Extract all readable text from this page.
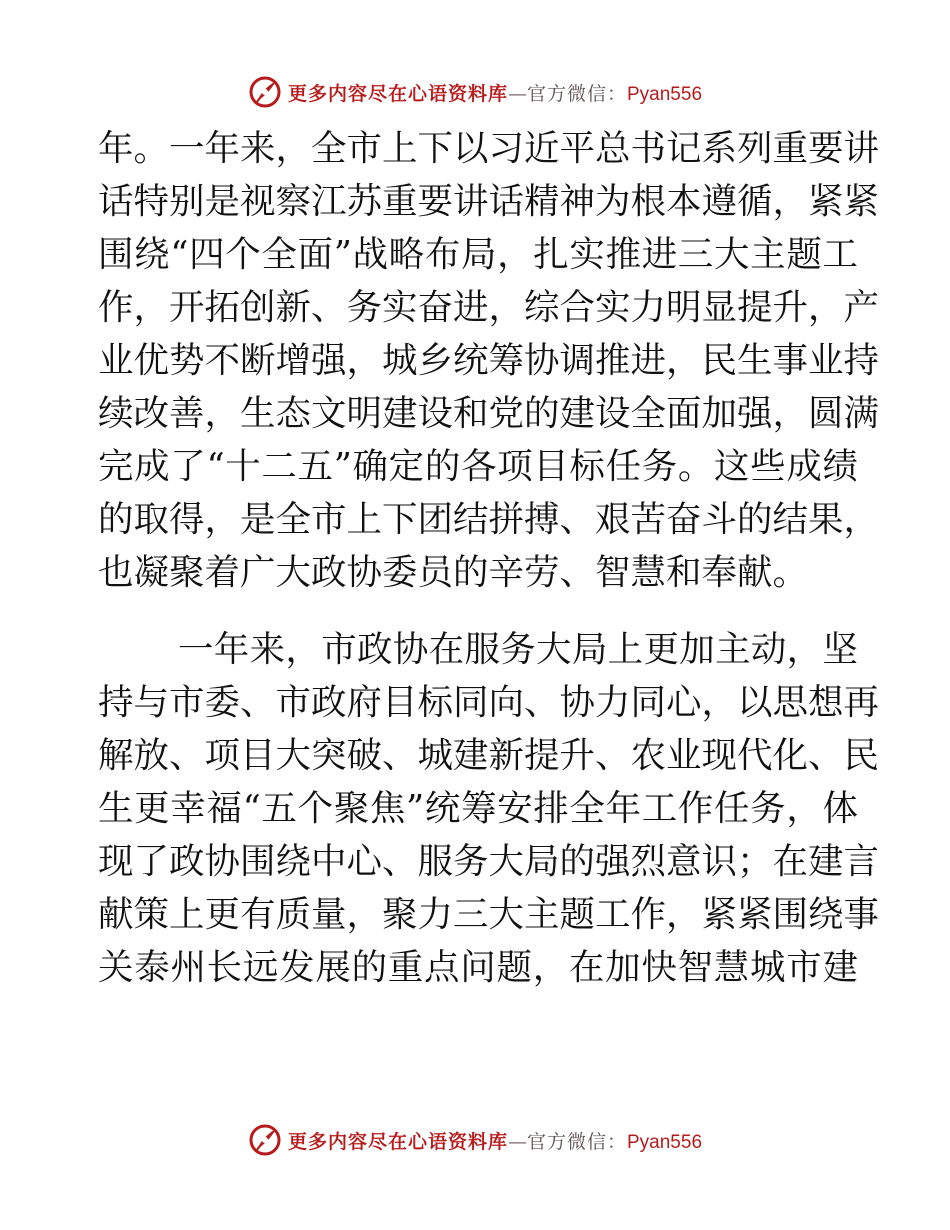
更多内容尽在心语资料库 — 官方微信： Pyan556
年。一年来，全市上下以习近平总书记系列重要讲
话特别是视察江苏重要讲话精神为根本遵循，紧紧
围绕“四个全面”战略布局，扎实推进三大主题工
作，开拓创新、务实奋进，综合实力明显提升，产
业优势不断增强，城乡统筹协调推进，民生事业持
续改善，生态文明建设和党的建设全面加强，圆满
完成了“十二五”确定的各项目标任务。这些成绩
的取得，是全市上下团结拼搏、艰苦奋斗的结果，
也凝聚着广大政协委员的辛劳、智慧和奉献。
一年来，市政协在服务大局上更加主动，坚
持与市委、市政府目标同向、协力同心，以思想再
解放、项目大突破、城建新提升、农业现代化、民
生更幸福“五个聚焦”统筹安排全年工作任务，体
现了政协围绕中心、服务大局的强烈意识；在建言
献策上更有质量，聚力三大主题工作，紧紧围绕事
关泰州长远发展的重点问题，在加快智慧城市建
更多内容尽在心语资料库 — 官方微信： Pyan556
